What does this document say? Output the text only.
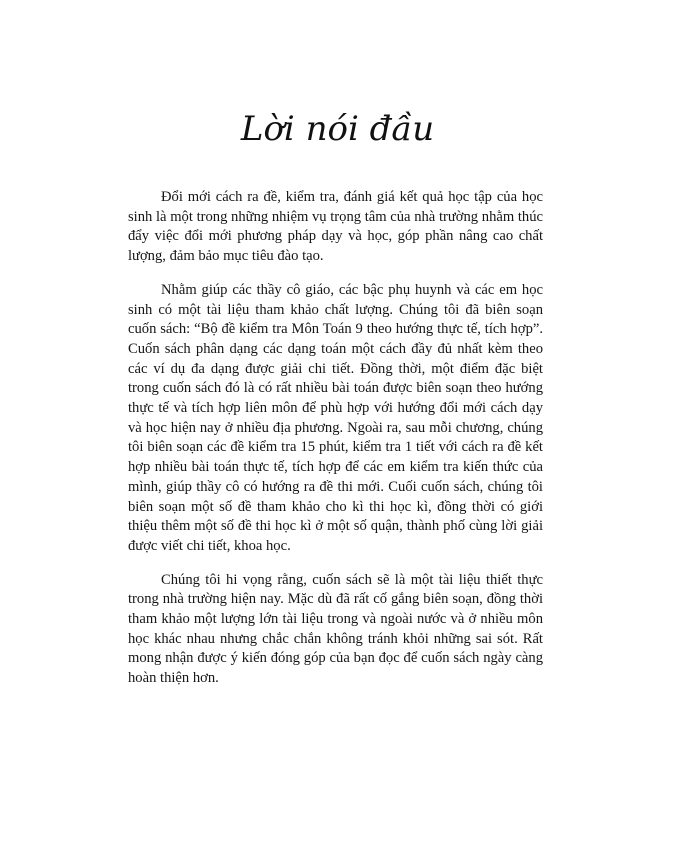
Lời nói đầu

Đổi mới cách ra đề, kiểm tra, đánh giá kết quả học tập của học sinh là một trong những nhiệm vụ trọng tâm của nhà trường nhằm thúc đẩy việc đổi mới phương pháp dạy và học, góp phần nâng cao chất lượng, đảm bảo mục tiêu đào tạo.

Nhằm giúp các thầy cô giáo, các bậc phụ huynh và các em học sinh có một tài liệu tham khảo chất lượng. Chúng tôi đã biên soạn cuốn sách: “Bộ đề kiểm tra Môn Toán 9 theo hướng thực tế, tích hợp”. Cuốn sách phân dạng các dạng toán một cách đầy đủ nhất kèm theo các ví dụ đa dạng được giải chi tiết. Đồng thời, một điểm đặc biệt trong cuốn sách đó là có rất nhiều bài toán được biên soạn theo hướng thực tế và tích hợp liên môn để phù hợp với hướng đổi mới cách dạy và học hiện nay ở nhiều địa phương. Ngoài ra, sau mỗi chương, chúng tôi biên soạn các đề kiểm tra 15 phút, kiểm tra 1 tiết với cách ra đề kết hợp nhiều bài toán thực tế, tích hợp để các em kiểm tra kiến thức của mình, giúp thầy cô có hướng ra đề thi mới. Cuối cuốn sách, chúng tôi biên soạn một số đề tham khảo cho kì thi học kì, đồng thời có giới thiệu thêm một số đề thi học kì ở một số quận, thành phố cùng lời giải được viết chi tiết, khoa học.

Chúng tôi hi vọng rằng, cuốn sách sẽ là một tài liệu thiết thực trong nhà trường hiện nay. Mặc dù đã rất cố gắng biên soạn, đồng thời tham khảo một lượng lớn tài liệu trong và ngoài nước và ở nhiều môn học khác nhau nhưng chắc chắn không tránh khỏi những sai sót. Rất mong nhận được ý kiến đóng góp của bạn đọc để cuốn sách ngày càng hoàn thiện hơn.
